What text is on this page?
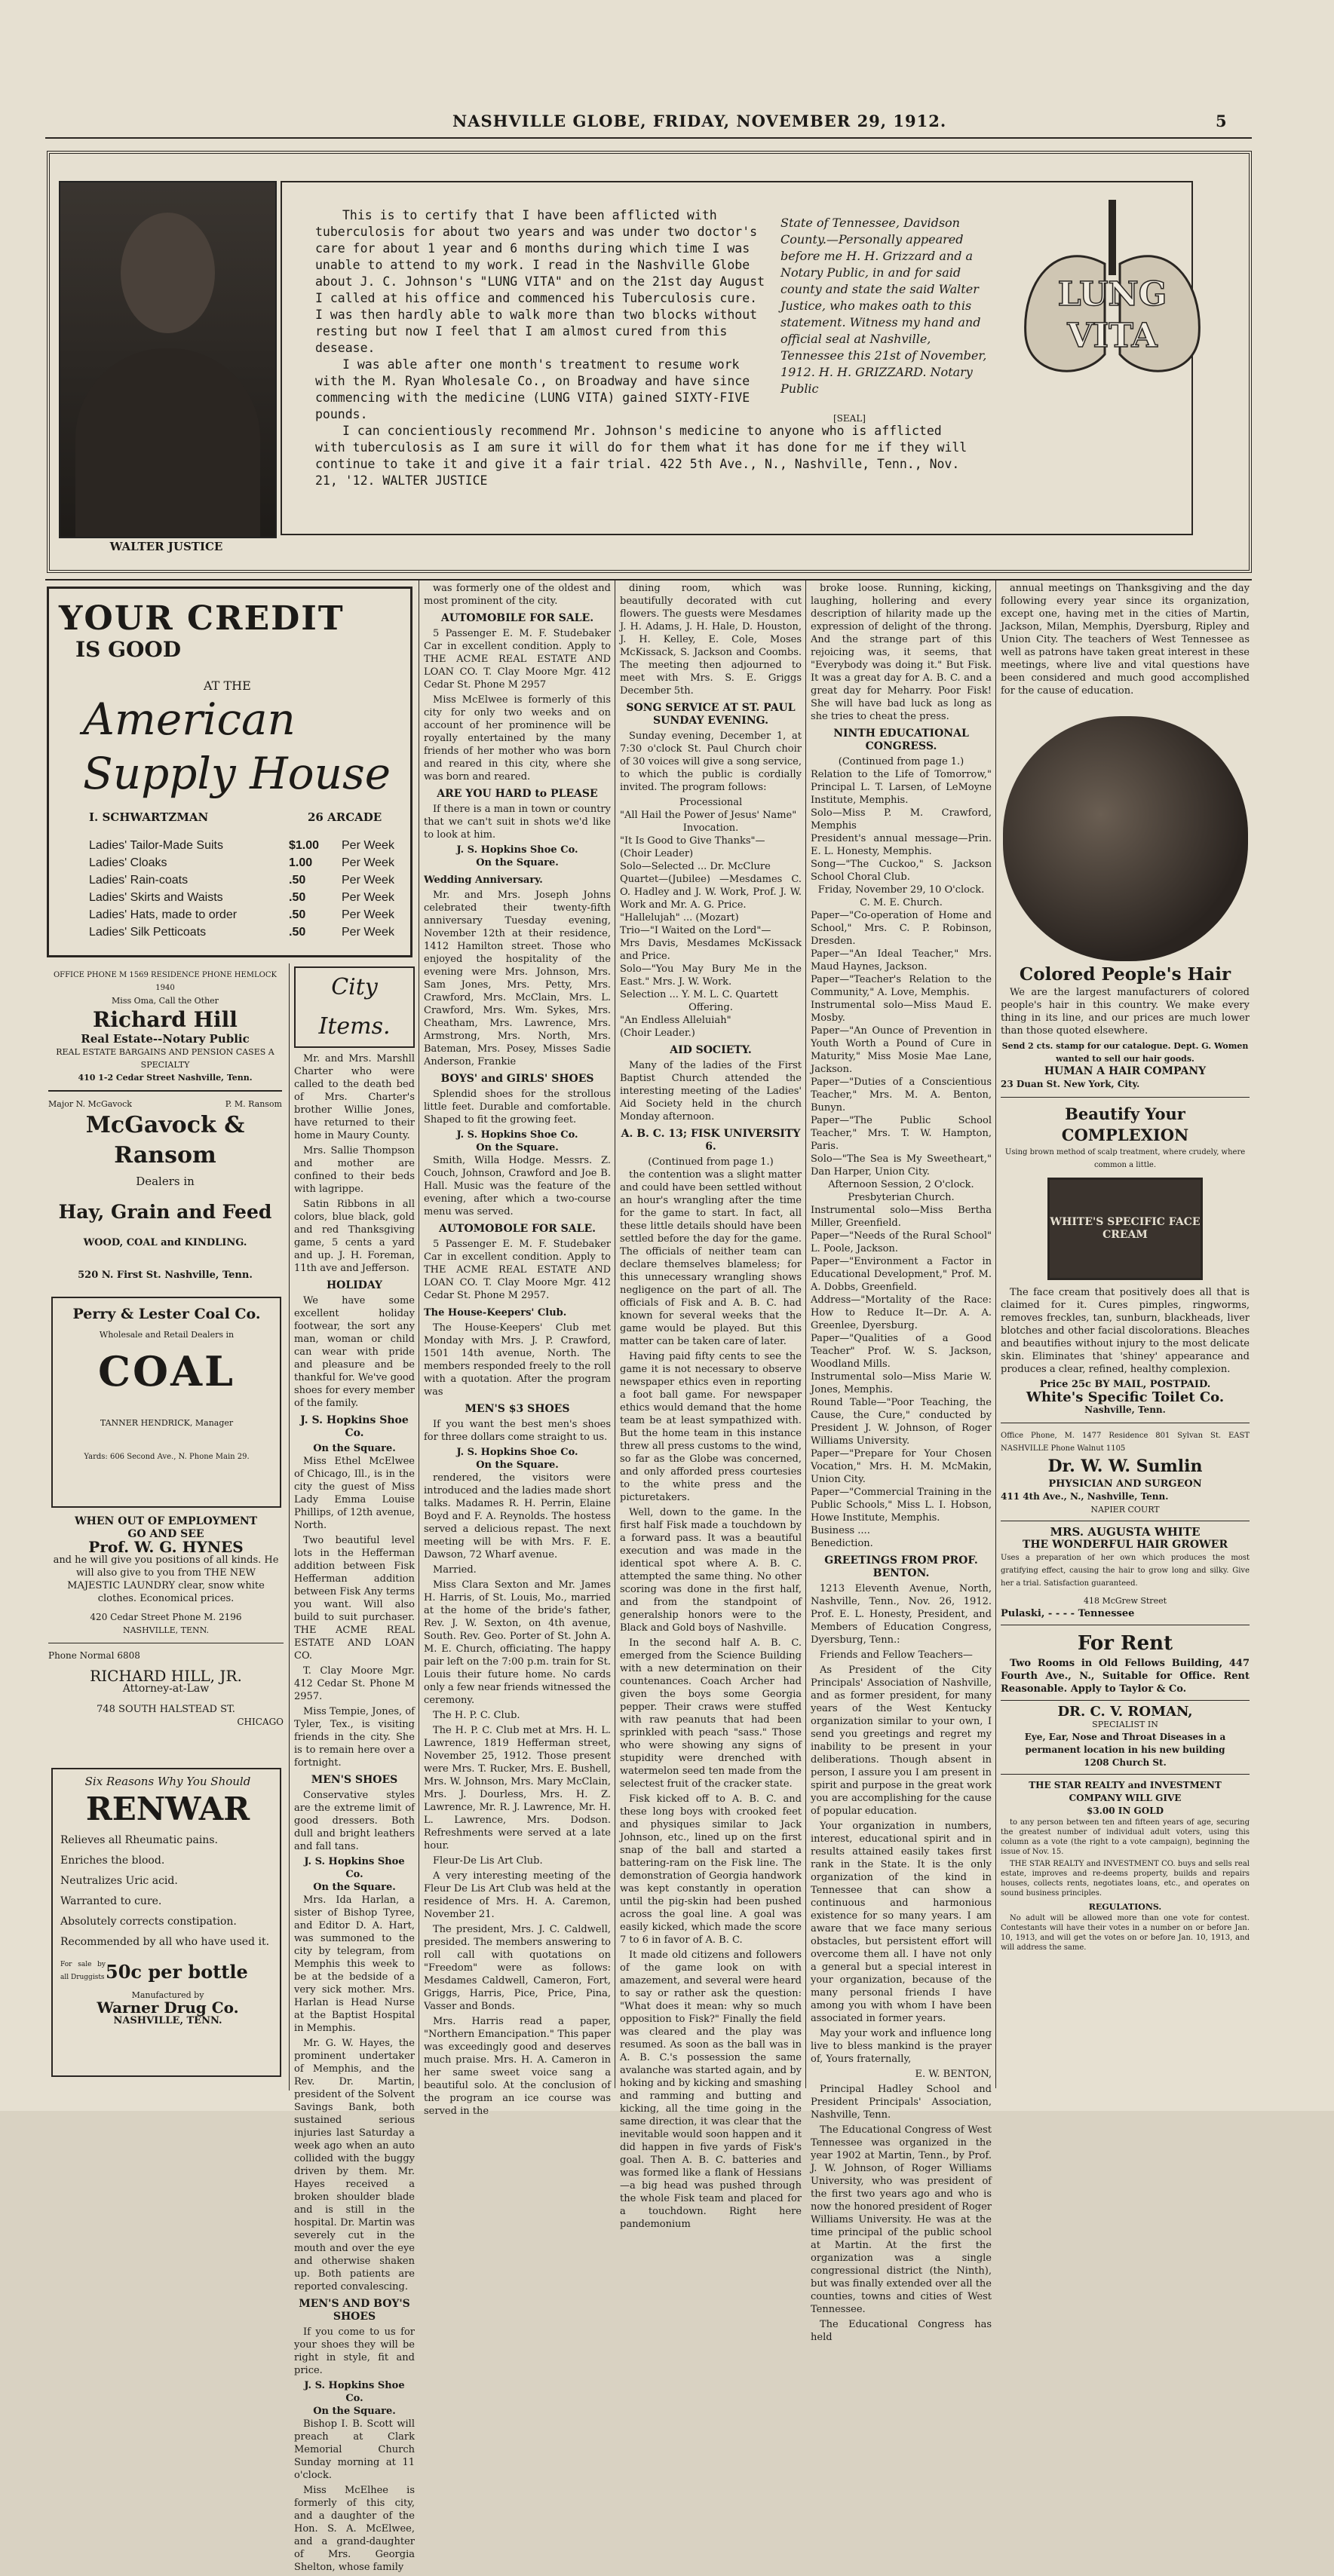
NASHVILLE GLOBE, FRIDAY, NOVEMBER 29, 1912.	5
WALTER JUSTICE

This is to certify that I have been afflicted with tuberculosis for about two years and was under two doctor's care for about 1 year and 6 months during which time I was unable to attend to my work. I read in the Nashville Globe about J. C. Johnson's "LUNG VITA" and on the 21st day August I called at his office and commenced his Tuberculosis cure. I was then hardly able to walk more than two blocks without resting but now I feel that I am almost cured from this desease.

I was able after one month's treatment to resume work with the M. Ryan Wholesale Co., on Broadway and have since commencing with the medicine (LUNG VITA) gained SIXTY-FIVE pounds.

I can concientiously recommend Mr. Johnson's medicine to anyone who is afflicted with tuberculosis as I am sure it will do for them what it has done for me if they will continue to take it and give it a fair trial. 422 5th Ave., N., Nashville, Tenn., Nov. 21, '12. WALTER JUSTICE

State of Tennessee, Davidson County.—Personally appeared before me H. H. Grizzard and a Notary Public, in and for said county and state the said Walter Justice, who makes oath to this statement. Witness my hand and official seal at Nashville, Tennessee this 21st of November, 1912. H. H. GRIZZARD. Notary Public
[SEAL]
LUNG
VITA
YOUR CREDIT
IS GOOD
AT THE
American
Supply House
I. SCHWARTZMAN	26 ARCADE
Ladies' Tailor-Made Suits	$1.00	Per Week
Ladies' Cloaks	1.00	Per Week
Ladies' Rain-coats	.50	Per Week
Ladies' Skirts and Waists	.50	Per Week
Ladies' Hats, made to order	.50	Per Week
Ladies' Silk Petticoats	.50	Per Week
OFFICE PHONE M 1569 RESIDENCE PHONE HEMLOCK 1940
Miss Oma, Call the Other
Richard Hill
Real Estate--Notary Public
REAL ESTATE BARGAINS AND PENSION CASES A SPECIALTY
410 1-2 Cedar Street Nashville, Tenn.
Major N. McGavock	P. M. Ransom
McGavock & Ransom
Dealers in
Hay, Grain and Feed
WOOD, COAL and KINDLING.
520 N. First St. Nashville, Tenn.
Perry & Lester Coal Co.
Wholesale and Retail Dealers in
COAL
TANNER HENDRICK, Manager
Yards: 606 Second Ave., N. Phone Main 29.
WHEN OUT OF EMPLOYMENT
GO AND SEE
Prof. W. G. HYNES
and he will give you positions of all kinds. He will also give to you from THE NEW MAJESTIC LAUNDRY clear, snow white clothes. Economical prices.
420 Cedar Street Phone M. 2196
NASHVILLE, TENN.
Phone Normal 6808
RICHARD HILL, JR.
Attorney-at-Law
748 SOUTH HALSTEAD ST.
CHICAGO
Six Reasons Why You Should
RENWAR
Relieves all Rheumatic pains.
Enriches the blood.
Neutralizes Uric acid.
Warranted to cure.
Absolutely corrects constipation.
Recommended by all who have used it.
For sale by all Druggists 50c per bottle
Manufactured by
Warner Drug Co.
NASHVILLE, TENN.
City Items.

Mr. and Mrs. Marshll Charter who were called to the death bed of Mrs. Charter's brother Willie Jones, have returned to their home in Maury County.

Mrs. Sallie Thompson and mother are confined to their beds with lagrippe.

Satin Ribbons in all colors, blue black, gold and red Thanksgiving game, 5 cents a yard and up. J. H. Foreman, 11th ave and Jefferson.

HOLIDAY

We have some excellent holiday footwear, the sort any man, woman or child can wear with pride and pleasure and be thankful for. We've good shoes for every member of the family.

J. S. Hopkins Shoe Co.
On the Square.

Miss Ethel McElwee of Chicago, Ill., is in the city the guest of Miss Lady Emma Louise Phillips, of 12th avenue, North.

Two beautiful level lots in the Hefferman addition between Fisk Hefferman addition between Fisk Any terms you want. Will also build to suit purchaser. THE ACME REAL ESTATE AND LOAN CO.

T. Clay Moore Mgr. 412 Cedar St. Phone M 2957.

Miss Tempie, Jones, of Tyler, Tex., is visiting friends in the city. She is to remain here over a fortnight.

MEN'S SHOES

Conservative styles are the extreme limit of good dressers. Both dull and bright leathers and fall tans.

J. S. Hopkins Shoe Co.
On the Square.

Mrs. Ida Harlan, a sister of Bishop Tyree, and Editor D. A. Hart, was summoned to the city by telegram, from Memphis this week to be at the bedside of a very sick mother. Mrs. Harlan is Head Nurse at the Baptist Hospital in Memphis.

Mr. G. W. Hayes, the prominent undertaker of Memphis, and the Rev. Dr. Martin, president of the Solvent Savings Bank, both sustained serious injuries last Saturday a week ago when an auto collided with the buggy driven by them. Mr. Hayes received a broken shoulder blade and is still in the hospital. Dr. Martin was severely cut in the mouth and over the eye and otherwise shaken up. Both patients are reported convalescing.

MEN'S AND BOY'S SHOES

If you come to us for your shoes they will be right in style, fit and price.

J. S. Hopkins Shoe Co.
On the Square.

Bishop I. B. Scott will preach at Clark Memorial Church Sunday morning at 11 o'clock.

Miss McElhee is formerly of this city, and a daughter of the Hon. S. A. McElwee, and a grand-daughter of Mrs. Georgia Shelton, whose family

was formerly one of the oldest and most prominent of the city.

AUTOMOBILE FOR SALE.

5 Passenger E. M. F. Studebaker Car in excellent condition. Apply to THE ACME REAL ESTATE AND LOAN CO. T. Clay Moore Mgr. 412 Cedar St. Phone M 2957

Miss McElwee is formerly of this city for only two weeks and on account of her prominence will be royally entertained by the many friends of her mother who was born and reared in this city, where she was born and reared.

ARE YOU HARD to PLEASE

If there is a man in town or country that we can't suit in shots we'd like to look at him.

J. S. Hopkins Shoe Co.
On the Square.
Wedding Anniversary.

Mr. and Mrs. Joseph Johns celebrated their twenty-fifth anniversary Tuesday evening, November 12th at their residence, 1412 Hamilton street. Those who enjoyed the hospitality of the evening were Mrs. Johnson, Mrs. Sam Jones, Mrs. Petty, Mrs. Crawford, Mrs. McClain, Mrs. L. Crawford, Mrs. Wm. Sykes, Mrs. Cheatham, Mrs. Lawrence, Mrs. Armstrong, Mrs. North, Mrs. Bateman, Mrs. Posey, Misses Sadie Anderson, Frankie

BOYS' and GIRLS' SHOES

Splendid shoes for the strollous little feet. Durable and comfortable. Shaped to fit the growing feet.

J. S. Hopkins Shoe Co.
On the Square.

Smith, Willa Hodge. Messrs. Z. Couch, Johnson, Crawford and Joe B. Hall. Music was the feature of the evening, after which a two-course menu was served.

AUTOMOBOLE FOR SALE.

5 Passenger E. M. F. Studebaker Car in excellent condition. Apply to THE ACME REAL ESTATE AND LOAN CO. T. Clay Moore Mgr. 412 Cedar St. Phone M 2957.

The House-Keepers' Club.

The House-Keepers' Club met Monday with Mrs. J. P. Crawford, 1501 14th avenue, North. The members responded freely to the roll with a quotation. After the program was

MEN'S $3 SHOES

If you want the best men's shoes for three dollars come straight to us.

J. S. Hopkins Shoe Co.
On the Square.

rendered, the visitors were introduced and the ladies made short talks. Madames R. H. Perrin, Elaine Boyd and F. A. Reynolds. The hostess served a delicious repast. The next meeting will be with Mrs. F. E. Dawson, 72 Wharf avenue.

Married.

Miss Clara Sexton and Mr. James H. Harris, of St. Louis, Mo., married at the home of the bride's father, Rev. J. W. Sexton, on 4th avenue, South. Rev. Geo. Porter of St. John A. M. E. Church, officiating. The happy pair left on the 7:00 p.m. train for St. Louis their future home. No cards only a few near friends witnessed the ceremony.

The H. P. C. Club.

The H. P. C. Club met at Mrs. H. L. Lawrence, 1819 Hefferman street, November 25, 1912. Those present were Mrs. T. Rucker, Mrs. E. Bushell, Mrs. W. Johnson, Mrs. Mary McClain, Mrs. J. Dourless, Mrs. H. Z. Lawrence, Mr. R. J. Lawrence, Mr. H. L. Lawrence, Mrs. Dodson. Refreshments were served at a late hour.

Fleur-De Lis Art Club.

A very interesting meeting of the Fleur De Lis Art Club was held at the residence of Mrs. H. A. Caremon, November 21.

The president, Mrs. J. C. Caldwell, presided. The members answering to roll call with quotations on "Freedom" were as follows: Mesdames Caldwell, Cameron, Fort, Griggs, Harris, Pice, Price, Pina, Vasser and Bonds.

Mrs. Harris read a paper, "Northern Emancipation." This paper was exceedingly good and deserves much praise. Mrs. H. A. Cameron in her same sweet voice sang a beautiful solo. At the conclusion of the program an ice course was served in the

dining room, which was beautifully decorated with cut flowers. The guests were Mesdames J. H. Adams, J. H. Hale, D. Houston, J. H. Kelley, E. Cole, Moses McKissack, S. Jackson and Coombs. The meeting then adjourned to meet with Mrs. S. E. Griggs December 5th.

SONG SERVICE AT ST. PAUL SUNDAY EVENING.

Sunday evening, December 1, at 7:30 o'clock St. Paul Church choir of 30 voices will give a song service, to which the public is cordially invited. The program follows:

Processional
"All Hail the Power of Jesus' Name"
Invocation.
"It Is Good to Give Thanks"—
(Choir Leader)
Solo—Selected ... Dr. McClure
Quartet—(Jubilee) —Mesdames C. O. Hadley and J. W. Work, Prof. J. W. Work and Mr. A. G. Price.
"Hallelujah" ... (Mozart)
Trio—"I Waited on the Lord"—
Mrs Davis, Mesdames McKissack and Price.
Solo—"You May Bury Me in the East." Mrs. J. W. Work.
Selection ... Y. M. L. C. Quartett
Offering.
"An Endless Alleluiah"
(Choir Leader.)
AID SOCIETY.

Many of the ladies of the First Baptist Church attended the interesting meeting of the Ladies' Aid Society held in the church Monday afternoon.

A. B. C. 13; FISK UNIVERSITY 6.
(Continued from page 1.)

the contention was a slight matter and could have been settled without an hour's wrangling after the time for the game to start. In fact, all these little details should have been settled before the day for the game. The officials of neither team can declare themselves blameless; for this unnecessary wrangling shows negligence on the part of all. The officials of Fisk and A. B. C. had known for several weeks that the game would be played. But this matter can be taken care of later.

Having paid fifty cents to see the game it is not necessary to observe newspaper ethics even in reporting a foot ball game. For newspaper ethics would demand that the home team be at least sympathized with. But the home team in this instance threw all press customs to the wind, so far as the Globe was concerned, and only afforded press courtesies to the white press and the picturetakers.

Well, down to the game. In the first half Fisk made a touchdown by a forward pass. It was a beautiful execution and was made in the identical spot where A. B. C. attempted the same thing. No other scoring was done in the first half, and from the standpoint of generalship honors were to the Black and Gold boys of Nashville.

In the second half A. B. C. emerged from the Science Building with a new determination on their countenances. Coach Archer had given the boys some Georgia pepper. Their craws were stuffed with raw peanuts that had been sprinkled with peach "sass." Those who were showing any signs of stupidity were drenched with watermelon seed ten made from the selectest fruit of the cracker state.

Fisk kicked off to A. B. C. and these long boys with crooked feet and physiques similar to Jack Johnson, etc., lined up on the first snap of the ball and started a battering-ram on the Fisk line. The demonstration of Georgia handwork was kept constantly in operation until the pig-skin had been pushed across the goal line. A goal was easily kicked, which made the score 7 to 6 in favor of A. B. C.

It made old citizens and followers of the game look on with amazement, and several were heard to say or rather ask the question: "What does it mean: why so much opposition to Fisk?" Finally the field was cleared and the play was resumed. As soon as the ball was in A. B. C.'s possession the same avalanche was started again, and by hoking and by kicking and smashing and ramming and butting and kicking, all the time going in the same direction, it was clear that the inevitable would soon happen and it did happen in five yards of Fisk's goal. Then A. B. C. batteries and was formed like a flank of Hessians—a big head was pushed through the whole Fisk team and placed for a touchdown. Right here pandemonium

broke loose. Running, kicking, laughing, hollering and every description of hilarity made up the expression of delight of the throng. And the strange part of this rejoicing was, it seems, that "Everybody was doing it." But Fisk. It was a great day for A. B. C. and a great day for Meharry. Poor Fisk! She will have bad luck as long as she tries to cheat the press.

NINTH EDUCATIONAL CONGRESS.
(Continued from page 1.)
Relation to the Life of Tomorrow," Principal L. T. Larsen, of LeMoyne Institute, Memphis.
Solo—Miss P. M. Crawford, Memphis
President's annual message—Prin. E. L. Honesty, Memphis.
Song—"The Cuckoo," S. Jackson School Choral Club.
Friday, November 29, 10 O'clock.
C. M. E. Church.
Paper—"Co-operation of Home and School," Mrs. C. P. Robinson, Dresden.
Paper—"An Ideal Teacher," Mrs. Maud Haynes, Jackson.
Paper—"Teacher's Relation to the Community," A. Love, Memphis.
Instrumental solo—Miss Maud E. Mosby.
Paper—"An Ounce of Prevention in Youth Worth a Pound of Cure in Maturity," Miss Mosie Mae Lane, Jackson.
Paper—"Duties of a Conscientious Teacher," Mrs. M. A. Benton, Bunyn.
Paper—"The Public School Teacher," Mrs. T. W. Hampton, Paris.
Solo—"The Sea is My Sweetheart," Dan Harper, Union City.
Afternoon Session, 2 O'clock. Presbyterian Church.
Instrumental solo—Miss Bertha Miller, Greenfield.
Paper—"Needs of the Rural School" L. Poole, Jackson.
Paper—"Environment a Factor in Educational Development," Prof. M. A. Dobbs, Greenfield.
Address—"Mortality of the Race: How to Reduce It—Dr. A. A. Greenlee, Dyersburg.
Paper—"Qualities of a Good Teacher" Prof. W. S. Jackson, Woodland Mills.
Instrumental solo—Miss Marie W. Jones, Memphis.
Round Table—"Poor Teaching, the Cause, the Cure," conducted by President J. W. Johnson, of Roger Williams University.
Paper—"Prepare for Your Chosen Vocation," Mrs. H. M. McMakin, Union City.
Paper—"Commercial Training in the Public Schools," Miss L. I. Hobson, Howe Institute, Memphis.
Business ....
Benediction.
GREETINGS FROM PROF. BENTON.

1213 Eleventh Avenue, North, Nashville, Tenn., Nov. 26, 1912. Prof. E. L. Honesty, President, and Members of Education Congress, Dyersburg, Tenn.:

Friends and Fellow Teachers—

As President of the City Principals' Association of Nashville, and as former president, for many years of the West Kentucky organization similar to your own, I send you greetings and regret my inability to be present in your deliberations. Though absent in person, I assure you I am present in spirit and purpose in the great work you are accomplishing for the cause of popular education.

Your organization in numbers, interest, educational spirit and in results attained easily takes first rank in the State. It is the only organization of the kind in Tennessee that can show a continuous and harmonious existence for so many years. I am aware that we face many serious obstacles, but persistent effort will overcome them all. I have not only a general but a special interest in your organization, because of the many personal friends I have among you with whom I have been associated in former years.

May your work and influence long live to bless mankind is the prayer of, Yours fraternally,

E. W. BENTON,

Principal Hadley School and President Principals' Association, Nashville, Tenn.

The Educational Congress of West Tennessee was organized in the year 1902 at Martin, Tenn., by Prof. J. W. Johnson, of Roger Williams University, who was president of the first two years ago and who is now the honored president of Roger Williams University. He was at the time principal of the public school at Martin. At the first the organization was a single congressional district (the Ninth), but was finally extended over all the counties, towns and cities of West Tennessee.

The Educational Congress has held

annual meetings on Thanksgiving and the day following every year since its organization, except one, having met in the cities of Martin, Jackson, Milan, Memphis, Dyersburg, Ripley and Union City. The teachers of West Tennessee as well as patrons have taken great interest in these meetings, where live and vital questions have been considered and much good accomplished for the cause of education.

Colored People's Hair

We are the largest manufacturers of colored people's hair in this country. We make every thing in its line, and our prices are much lower than those quoted elsewhere.

Send 2 cts. stamp for our catalogue. Dept. G. Women wanted to sell our hair goods.
HUMAN A HAIR COMPANY
23 Duan St. New York, City.
Beautify Your COMPLEXION
Using brown method of scalp treatment, where crudely, where common a little.
WHITE'S SPECIFIC FACE CREAM

The face cream that positively does all that is claimed for it. Cures pimples, ringworms, removes freckles, tan, sunburn, blackheads, liver blotches and other facial discolorations. Bleaches and beautifies without injury to the most delicate skin. Eliminates that 'shiney' appearance and produces a clear, refined, healthy complexion.

Price 25c BY MAIL, POSTPAID.
White's Specific Toilet Co.
Nashville, Tenn.
Office Phone, M. 1477 Residence 801 Sylvan St. EAST NASHVILLE Phone Walnut 1105
Dr. W. W. Sumlin
PHYSICIAN AND SURGEON
411 4th Ave., N., Nashville, Tenn.
NAPIER COURT
MRS. AUGUSTA WHITE
THE WONDERFUL HAIR GROWER
Uses a preparation of her own which produces the most gratifying effect, causing the hair to grow long and silky. Give her a trial. Satisfaction guaranteed.
418 McGrew Street
Pulaski, - - - - Tennessee
For Rent

Two Rooms in Old Fellows Building, 447 Fourth Ave., N., Suitable for Office. Rent Reasonable. Apply to Taylor & Co.

DR. C. V. ROMAN,
SPECIALIST IN
Eye, Ear, Nose and Throat Diseases in a permanent location in his new building
1208 Church St.
THE STAR REALTY and INVESTMENT COMPANY WILL GIVE
$3.00 IN GOLD

to any person between ten and fifteen years of age, securing the greatest number of individual adult voters, using this column as a vote (the right to a vote campaign), beginning the issue of Nov. 15.

THE STAR REALTY and INVESTMENT CO. buys and sells real estate, improves and re-deems property, builds and repairs houses, collects rents, negotiates loans, etc., and operates on sound business principles.

REGULATIONS.

No adult will be allowed more than one vote for contest. Contestants will have their votes in a number on or before Jan. 10, 1913, and will get the votes on or before Jan. 10, 1913, and will address the same.
